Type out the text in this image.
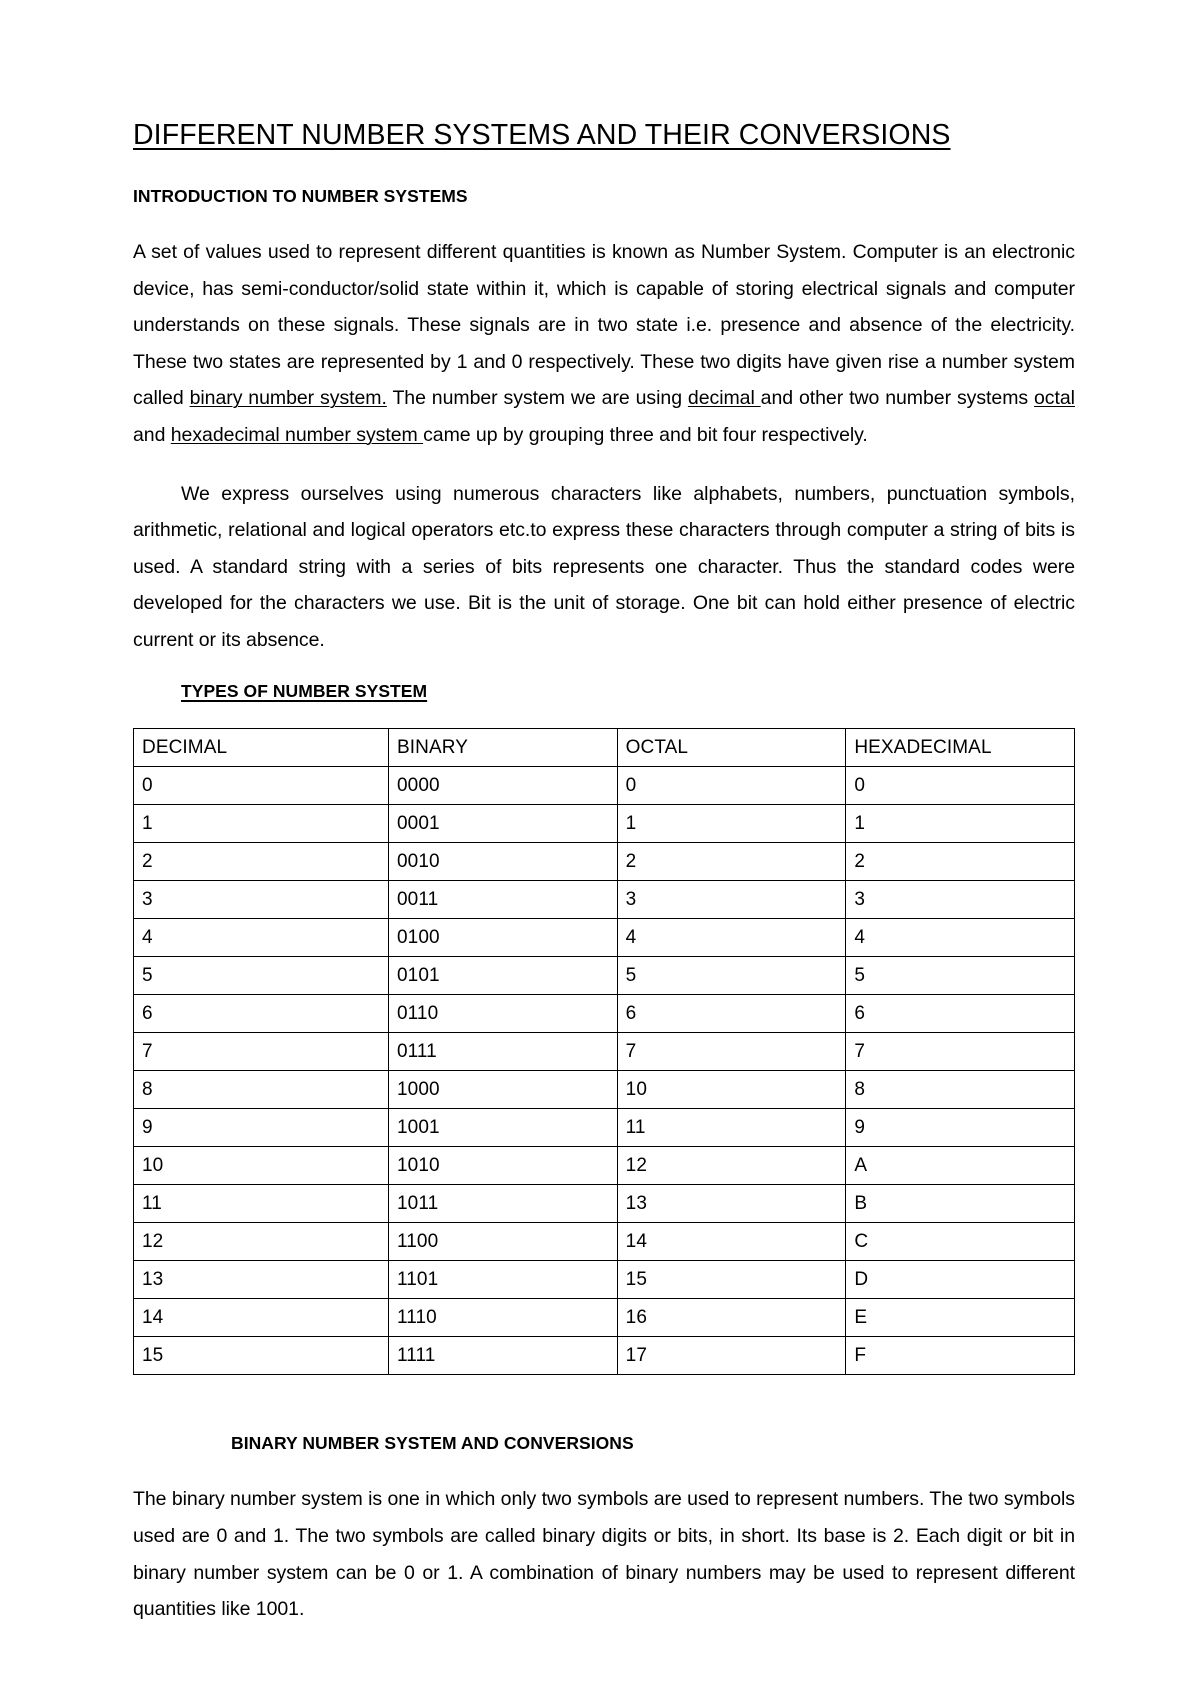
DIFFERENT NUMBER SYSTEMS AND THEIR CONVERSIONS
INTRODUCTION TO NUMBER SYSTEMS

A set of values used to represent different quantities is known as Number System. Computer is an electronic device, has semi-conductor/solid state within it, which is capable of storing electrical signals and computer understands on these signals. These signals are in two state i.e. presence and absence of the electricity. These two states are represented by 1 and 0 respectively. These two digits have given rise a number system called binary number system. The number system we are using decimal and other two number systems octal and hexadecimal number system came up by grouping three and bit four respectively.

We express ourselves using numerous characters like alphabets, numbers, punctuation symbols, arithmetic, relational and logical operators etc.to express these characters through computer a string of bits is used. A standard string with a series of bits represents one character. Thus the standard codes were developed for the characters we use. Bit is the unit of storage. One bit can hold either presence of electric current or its absence.

TYPES OF NUMBER SYSTEM
DECIMAL	BINARY	OCTAL	HEXADECIMAL
0	0000	0	0
1	0001	1	1
2	0010	2	2
3	0011	3	3
4	0100	4	4
5	0101	5	5
6	0110	6	6
7	0111	7	7
8	1000	10	8
9	1001	11	9
10	1010	12	A
11	1011	13	B
12	1100	14	C
13	1101	15	D
14	1110	16	E
15	1111	17	F
BINARY NUMBER SYSTEM AND CONVERSIONS

The binary number system is one in which only two symbols are used to represent numbers. The two symbols used are 0 and 1. The two symbols are called binary digits or bits, in short. Its base is 2. Each digit or bit in binary number system can be 0 or 1. A combination of binary numbers may be used to represent different quantities like 1001.
